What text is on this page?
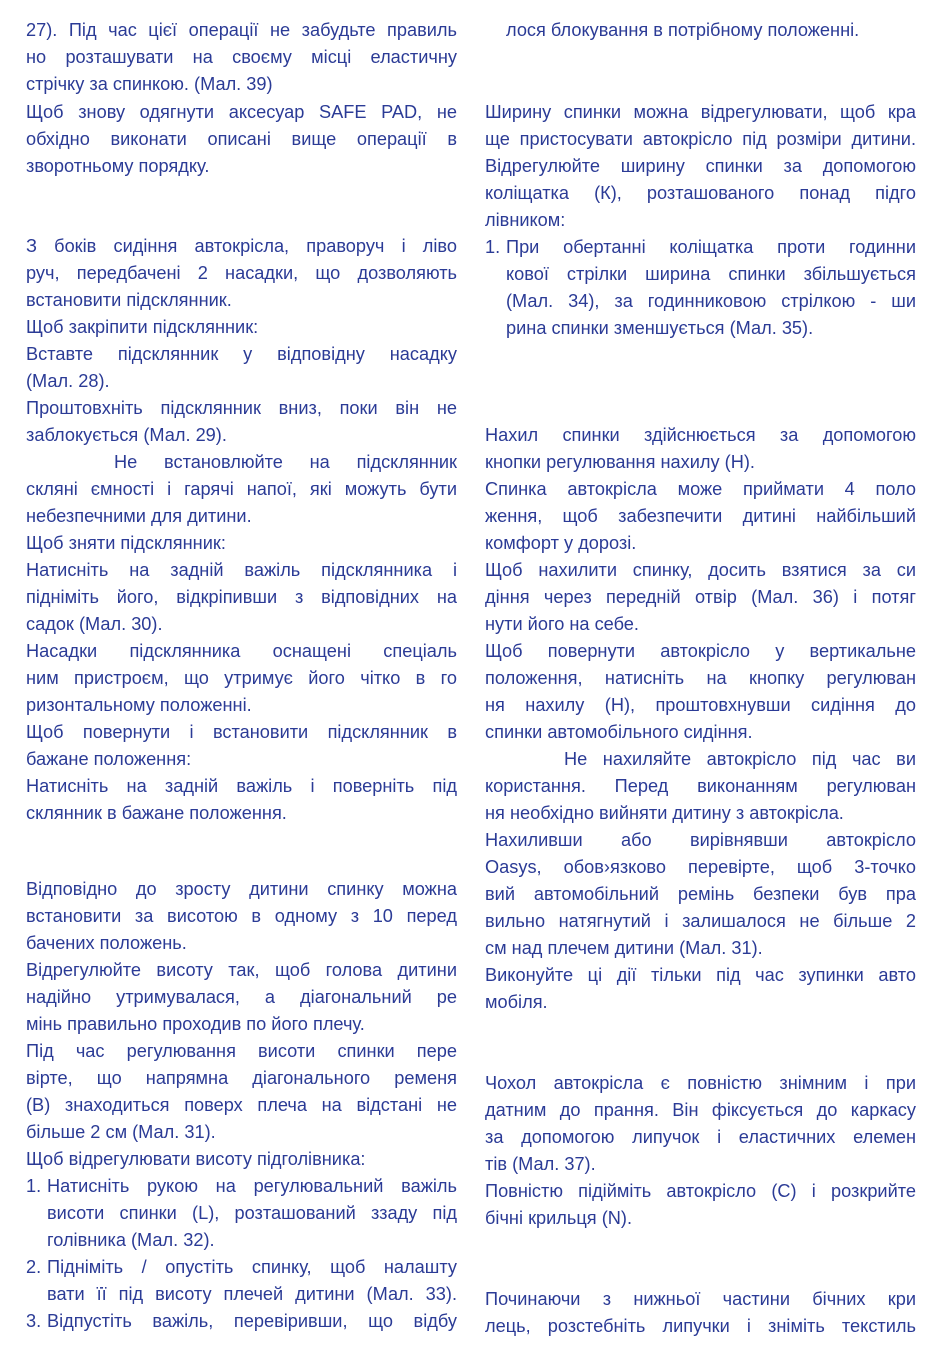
27). Під час цієї операції не забудьте правиль
но розташувати на своєму місці еластичну
стрічку за спинкою. (Мал. 39)
Щоб знову одягнути аксесуар SAFE PAD, не
обхідно виконати описані вище операції в
зворотньому порядку.
З боків сидіння автокрісла, праворуч і ліво
руч, передбачені 2 насадки, що дозволяють
встановити підсклянник.
Щоб закріпити підсклянник:
Вставте підсклянник у відповідну насадку
(Мал. 28).
Проштовхніть підсклянник вниз, поки він не
заблокується (Мал. 29).
Не встановлюйте на підсклянник
скляні ємності і гарячі напої, які можуть бути
небезпечними для дитини.
Щоб зняти підсклянник:
Натисніть на задній важіль підсклянника і
підніміть його, відкріпивши з відповідних на
садок (Мал. 30).
Насадки підсклянника оснащені спеціаль
ним пристроєм, що утримує його чітко в го
ризонтальному положенні.
Щоб повернути і встановити підсклянник в
бажане положення:
Натисніть на задній важіль і поверніть під
склянник в бажане положення.
Відповідно до зросту дитини спинку можна
встановити за висотою в одному з 10 перед
бачених положень.
Відрегулюйте висоту так, щоб голова дитини
надійно утримувалася, а діагональний ре
мінь правильно проходив по його плечу.
Під час регулювання висоти спинки пере
вірте, що напрямна діагонального ременя
(В) знаходиться поверх плеча на відстані не
більше 2 см (Мал. 31).
Щоб відрегулювати висоту підголівника:
1. Натисніть рукою на регулювальний важіль
висоти спинки (L), розташований ззаду під
голівника (Мал. 32).
2. Підніміть / опустіть спинку, щоб налашту
вати її під висоту плечей дитини (Мал. 33).
3. Відпустіть важіль, перевіривши, що відбу
лося блокування в потрібному положенні.
Ширину спинки можна відрегулювати, щоб кра
ще пристосувати автокрісло під розміри дитини.
Відрегулюйте ширину спинки за допомогою
коліщатка (К), розташованого понад підго
лівником:
1. При обертанні коліщатка проти годинни
кової стрілки ширина спинки збільшується
(Мал. 34), за годинниковою стрілкою - ши
рина спинки зменшується (Мал. 35).
Нахил спинки здійснюється за допомогою
кнопки регулювання нахилу (Н).
Спинка автокрісла може приймати 4 поло
ження, щоб забезпечити дитині найбільший
комфорт у дорозі.
Щоб нахилити спинку, досить взятися за си
діння через передній отвір (Мал. 36) і потяг
нути його на себе.
Щоб повернути автокрісло у вертикальне
положення, натисніть на кнопку регулюван
ня нахилу (Н), проштовхнувши сидіння до
спинки автомобільного сидіння.
Не нахиляйте автокрісло під час ви
користання. Перед виконанням регулюван
ня необхідно вийняти дитину з автокрісла.
Нахиливши або вирівнявши автокрісло
Oasys, обов›язково перевірте, щоб 3-точко
вий автомобільний ремінь безпеки був пра
вильно натягнутий і залишалося не більше 2
см над плечем дитини (Мал. 31).
Виконуйте ці дії тільки під час зупинки авто
мобіля.
Чохол автокрісла є повністю знімним і при
датним до прання. Він фіксується до каркасу
за допомогою липучок і еластичних елемен
тів (Мал. 37).
Повністю підійміть автокрісло (С) і розкрийте
бічні крильця (N).
Починаючи з нижньої частини бічних кри
лець, розстебніть липучки і зніміть текстиль
